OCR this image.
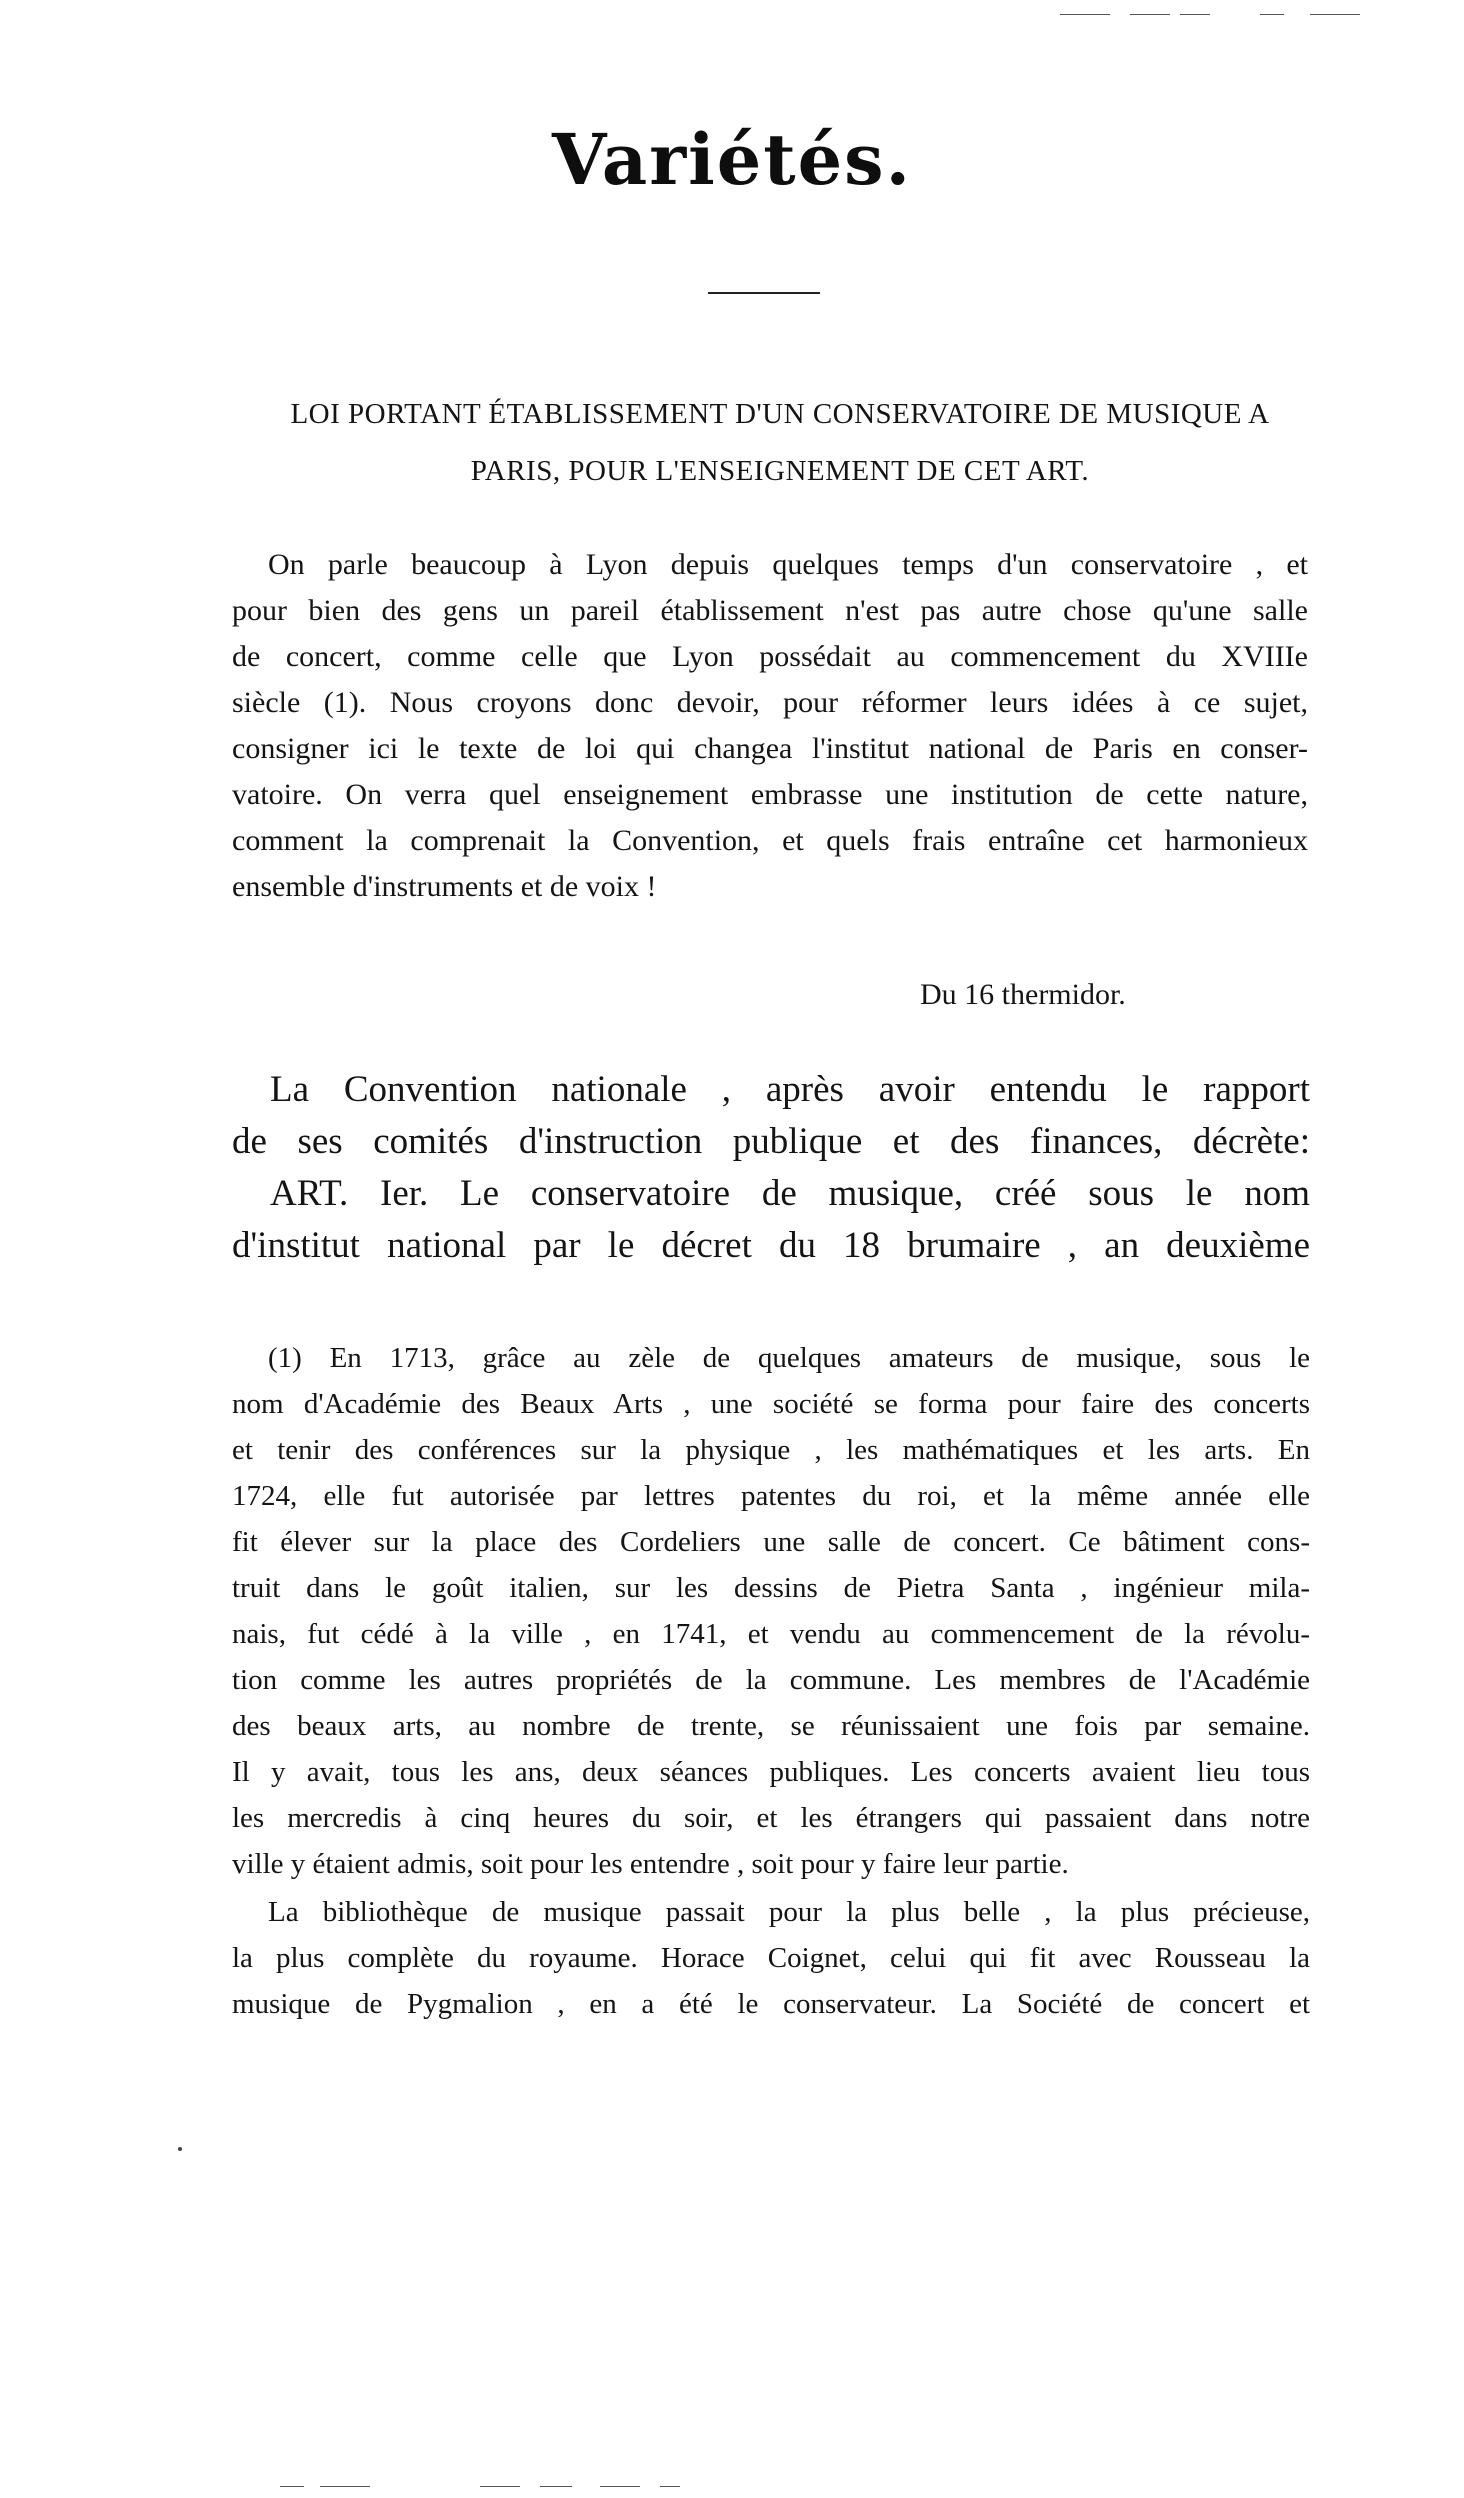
Variétés.

LOI PORTANT ÉTABLISSEMENT D'UN CONSERVATOIRE DE MUSIQUE A

PARIS, POUR L'ENSEIGNEMENT DE CET ART.

On parle beaucoup à Lyon depuis quelques temps d'un conservatoire , et

pour bien des gens un pareil établissement n'est pas autre chose qu'une salle

de concert, comme celle que Lyon possédait au commencement du XVIIIe

siècle (1). Nous croyons donc devoir, pour réformer leurs idées à ce sujet,

consigner ici le texte de loi qui changea l'institut national de Paris en conser-

vatoire. On verra quel enseignement embrasse une institution de cette nature,

comment la comprenait la Convention, et quels frais entraîne cet harmonieux

ensemble d'instruments et de voix !

Du 16 thermidor.

La Convention nationale , après avoir entendu le rapport

de ses comités d'instruction publique et des finances, décrète:

ART. Ier. Le conservatoire de musique, créé sous le nom

d'institut national par le décret du 18 brumaire , an deuxième

(1) En 1713, grâce au zèle de quelques amateurs de musique, sous le

nom d'Académie des Beaux Arts , une société se forma pour faire des concerts

et tenir des conférences sur la physique , les mathématiques et les arts. En

1724, elle fut autorisée par lettres patentes du roi, et la même année elle

fit élever sur la place des Cordeliers une salle de concert. Ce bâtiment cons-

truit dans le goût italien, sur les dessins de Pietra Santa , ingénieur mila-

nais, fut cédé à la ville , en 1741, et vendu au commencement de la révolu-

tion comme les autres propriétés de la commune. Les membres de l'Académie

des beaux arts, au nombre de trente, se réunissaient une fois par semaine.

Il y avait, tous les ans, deux séances publiques. Les concerts avaient lieu tous

les mercredis à cinq heures du soir, et les étrangers qui passaient dans notre

ville y étaient admis, soit pour les entendre , soit pour y faire leur partie.

La bibliothèque de musique passait pour la plus belle , la plus précieuse,

la plus complète du royaume. Horace Coignet, celui qui fit avec Rousseau la

musique de Pygmalion , en a été le conservateur. La Société de concert et
